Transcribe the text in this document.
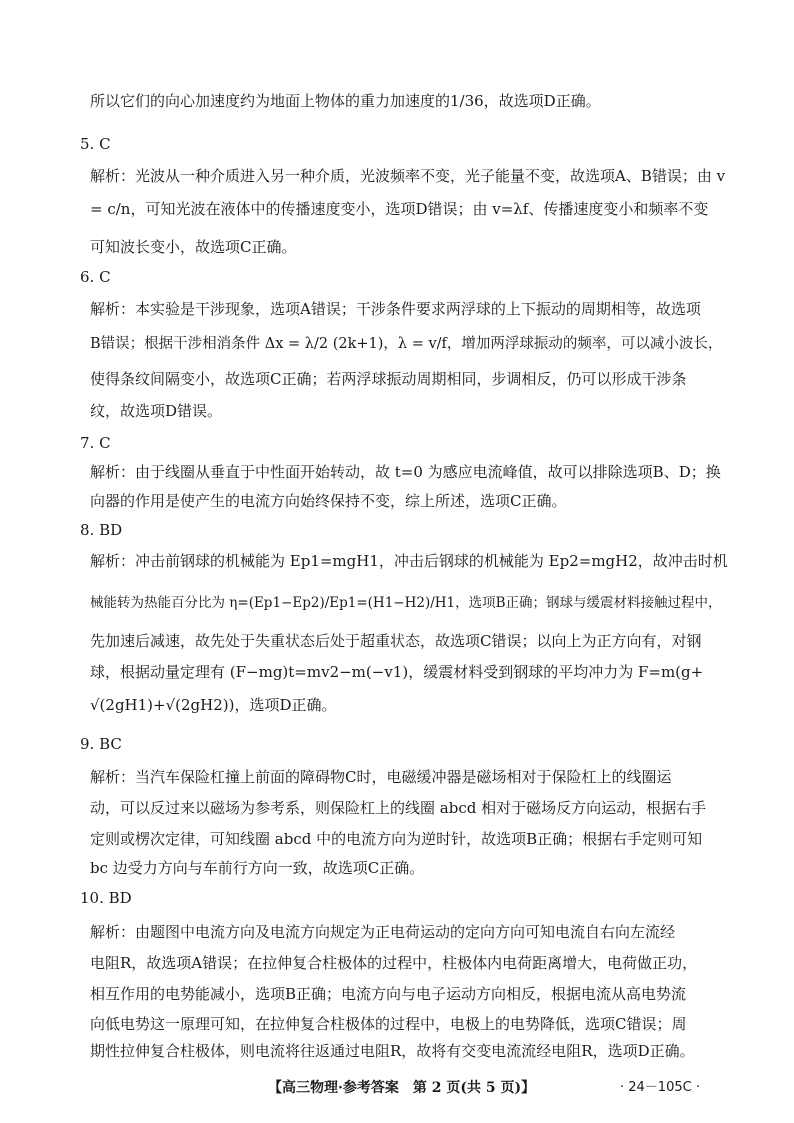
所以它们的向心加速度约为地面上物体的重力加速度的1/36，故选项D正确。
5. C
解析：光波从一种介质进入另一种介质，光波频率不变，光子能量不变，故选项A、B错误；由 v
= c/n，可知光波在液体中的传播速度变小，选项D错误；由 v=λf、传播速度变小和频率不变
可知波长变小，故选项C正确。
6. C
解析：本实验是干涉现象，选项A错误；干涉条件要求两浮球的上下振动的周期相等，故选项
B错误；根据干涉相消条件 Δx = λ/2 (2k+1)，λ = v/f，增加两浮球振动的频率，可以减小波长，
使得条纹间隔变小，故选项C正确；若两浮球振动周期相同，步调相反，仍可以形成干涉条
纹，故选项D错误。
7. C
解析：由于线圈从垂直于中性面开始转动，故 t=0 为感应电流峰值，故可以排除选项B、D；换
向器的作用是使产生的电流方向始终保持不变，综上所述，选项C正确。
8. BD
解析：冲击前钢球的机械能为 Ep1=mgH1，冲击后钢球的机械能为 Ep2=mgH2，故冲击时机
械能转为热能百分比为 η=(Ep1−Ep2)/Ep1=(H1−H2)/H1，选项B正确；钢球与缓震材料接触过程中，
先加速后减速，故先处于失重状态后处于超重状态，故选项C错误；以向上为正方向有，对钢
球，根据动量定理有 (F−mg)t=mv2−m(−v1)，缓震材料受到钢球的平均冲力为 F=m(g+
√(2gH1)+√(2gH2))，选项D正确。
9. BC
解析：当汽车保险杠撞上前面的障碍物C时，电磁缓冲器是磁场相对于保险杠上的线圈运
动，可以反过来以磁场为参考系，则保险杠上的线圈 abcd 相对于磁场反方向运动，根据右手
定则或楞次定律，可知线圈 abcd 中的电流方向为逆时针，故选项B正确；根据右手定则可知
bc 边受力方向与车前行方向一致，故选项C正确。
10. BD
解析：由题图中电流方向及电流方向规定为正电荷运动的定向方向可知电流自右向左流经
电阻R，故选项A错误；在拉伸复合柱极体的过程中，柱极体内电荷距离增大，电荷做正功，
相互作用的电势能减小，选项B正确；电流方向与电子运动方向相反，根据电流从高电势流
向低电势这一原理可知，在拉伸复合柱极体的过程中，电极上的电势降低，选项C错误；周
期性拉伸复合柱极体，则电流将往返通过电阻R，故将有交变电流流经电阻R，选项D正确。
【高三物理·参考答案　第 2 页(共 5 页)】	· 24－105C ·
